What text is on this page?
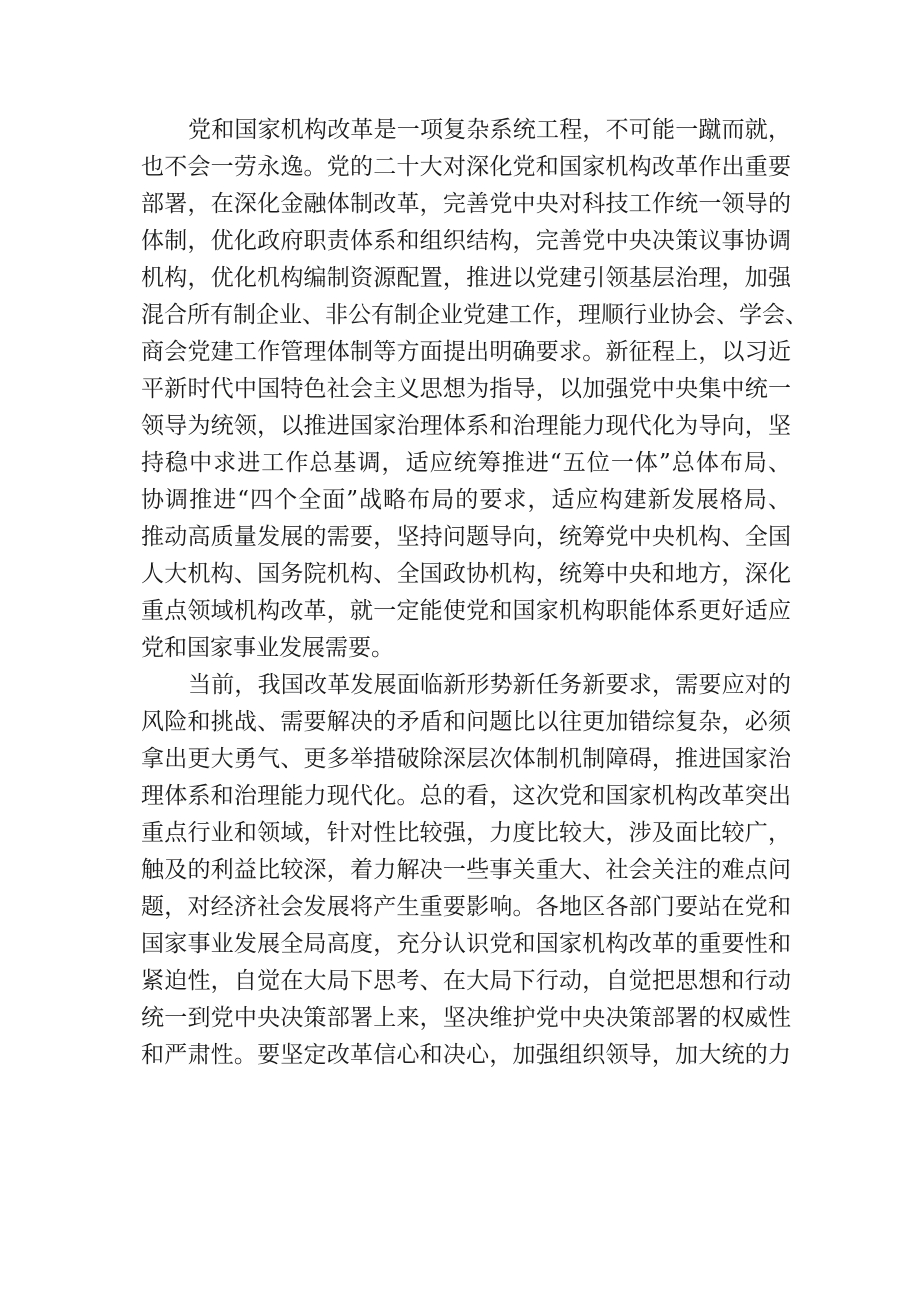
党和国家机构改革是一项复杂系统工程，不可能一蹴而就，
也不会一劳永逸。党的二十大对深化党和国家机构改革作出重要
部署，在深化金融体制改革，完善党中央对科技工作统一领导的
体制，优化政府职责体系和组织结构，完善党中央决策议事协调
机构，优化机构编制资源配置，推进以党建引领基层治理，加强
混合所有制企业、非公有制企业党建工作，理顺行业协会、学会、
商会党建工作管理体制等方面提出明确要求。新征程上，以习近
平新时代中国特色社会主义思想为指导，以加强党中央集中统一
领导为统领，以推进国家治理体系和治理能力现代化为导向，坚
持稳中求进工作总基调，适应统筹推进“五位一体”总体布局、
协调推进“四个全面”战略布局的要求，适应构建新发展格局、
推动高质量发展的需要，坚持问题导向，统筹党中央机构、全国
人大机构、国务院机构、全国政协机构，统筹中央和地方，深化
重点领域机构改革，就一定能使党和国家机构职能体系更好适应
党和国家事业发展需要。
当前，我国改革发展面临新形势新任务新要求，需要应对的
风险和挑战、需要解决的矛盾和问题比以往更加错综复杂，必须
拿出更大勇气、更多举措破除深层次体制机制障碍，推进国家治
理体系和治理能力现代化。总的看，这次党和国家机构改革突出
重点行业和领域，针对性比较强，力度比较大，涉及面比较广，
触及的利益比较深，着力解决一些事关重大、社会关注的难点问
题，对经济社会发展将产生重要影响。各地区各部门要站在党和
国家事业发展全局高度，充分认识党和国家机构改革的重要性和
紧迫性，自觉在大局下思考、在大局下行动，自觉把思想和行动
统一到党中央决策部署上来，坚决维护党中央决策部署的权威性
和严肃性。要坚定改革信心和决心，加强组织领导，加大统的力
